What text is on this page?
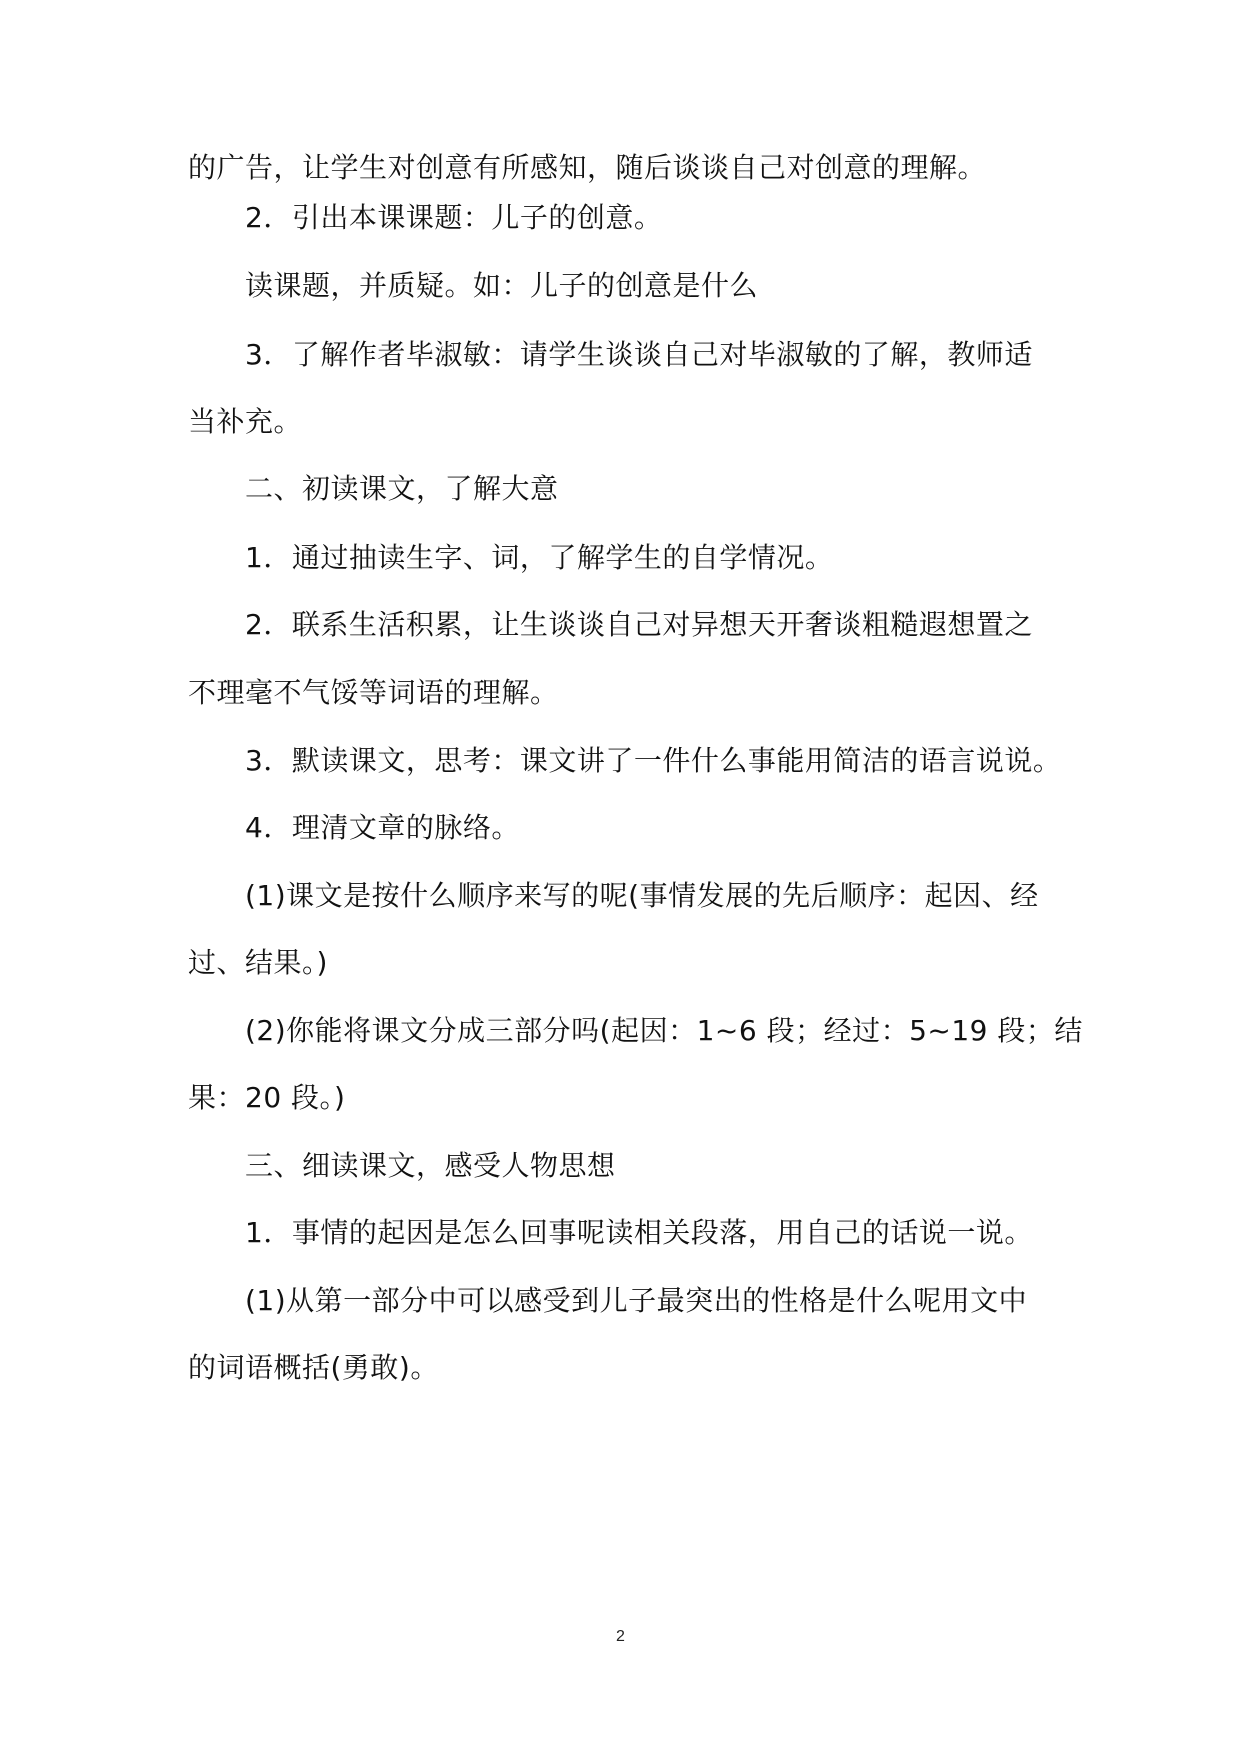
的广告，让学生对创意有所感知，随后谈谈自己对创意的理解。
2．引出本课课题：儿子的创意。
读课题，并质疑。如：儿子的创意是什么
3．了解作者毕淑敏：请学生谈谈自己对毕淑敏的了解，教师适
当补充。
二、初读课文，了解大意
1．通过抽读生字、词，了解学生的自学情况。
2．联系生活积累，让生谈谈自己对异想天开奢谈粗糙遐想置之
不理毫不气馁等词语的理解。
3．默读课文，思考：课文讲了一件什么事能用简洁的语言说说。
4．理清文章的脉络。
(1)课文是按什么顺序来写的呢(事情发展的先后顺序：起因、经
过、结果。)
(2)你能将课文分成三部分吗(起因：1~6 段；经过：5~19 段；结
果：20 段。)
三、细读课文，感受人物思想
1．事情的起因是怎么回事呢读相关段落，用自己的话说一说。
(1)从第一部分中可以感受到儿子最突出的性格是什么呢用文中
的词语概括(勇敢)。
2
